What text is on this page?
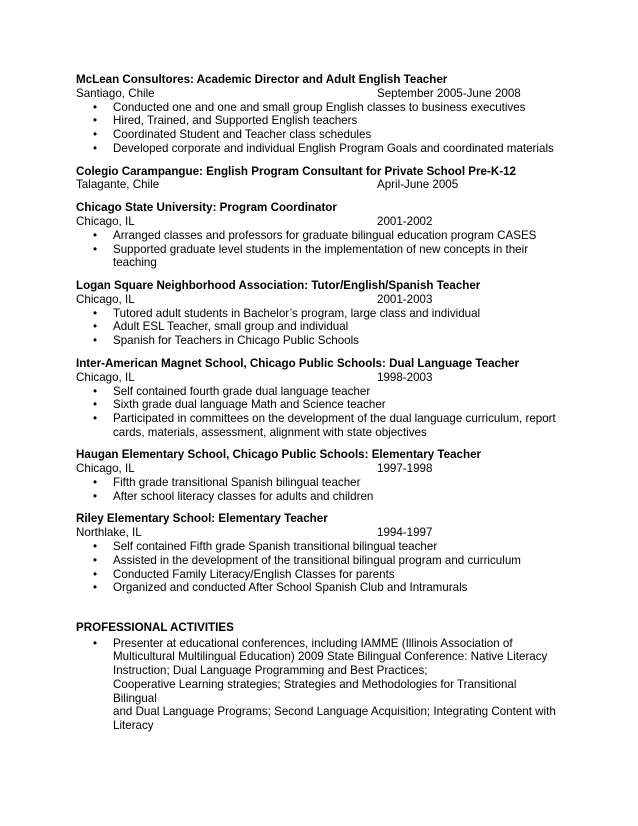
McLean Consultores: Academic Director and Adult English Teacher
Santiago, Chile	September 2005-June 2008
• Conducted one and one and small group English classes to business executives
• Hired, Trained, and Supported English teachers
• Coordinated Student and Teacher class schedules
• Developed corporate and individual English Program Goals and coordinated materials
Colegio Carampangue: English Program Consultant for Private School Pre-K-12
Talagante, Chile	April-June 2005
Chicago State University: Program Coordinator
Chicago, IL	2001-2002
• Arranged classes and professors for graduate bilingual education program CASES
• Supported graduate level students in the implementation of new concepts in their teaching
Logan Square Neighborhood Association: Tutor/English/Spanish Teacher
Chicago, IL	2001-2003
• Tutored adult students in Bachelor’s program, large class and individual
• Adult ESL Teacher, small group and individual
• Spanish for Teachers in Chicago Public Schools
Inter-American Magnet School, Chicago Public Schools: Dual Language Teacher
Chicago, IL	1998-2003
• Self contained fourth grade dual language teacher
• Sixth grade dual language Math and Science teacher
• Participated in committees on the development of the dual language curriculum, report cards, materials, assessment, alignment with state objectives
Haugan Elementary School, Chicago Public Schools: Elementary Teacher
Chicago, IL	1997-1998
• Fifth grade transitional Spanish bilingual teacher
• After school literacy classes for adults and children
Riley Elementary School: Elementary Teacher
Northlake, IL	1994-1997
• Self contained Fifth grade Spanish transitional bilingual teacher
• Assisted in the development of the transitional bilingual program and curriculum
• Conducted Family Literacy/English Classes for parents
• Organized and conducted After School Spanish Club and Intramurals
PROFESSIONAL ACTIVITIES
• Presenter at educational conferences, including IAMME (Illinois Association of
Multicultural Multilingual Education) 2009 State Bilingual Conference: Native Literacy
Instruction; Dual Language Programming and Best Practices;
Cooperative Learning strategies; Strategies and Methodologies for Transitional Bilingual
and Dual Language Programs; Second Language Acquisition; Integrating Content with
Literacy
